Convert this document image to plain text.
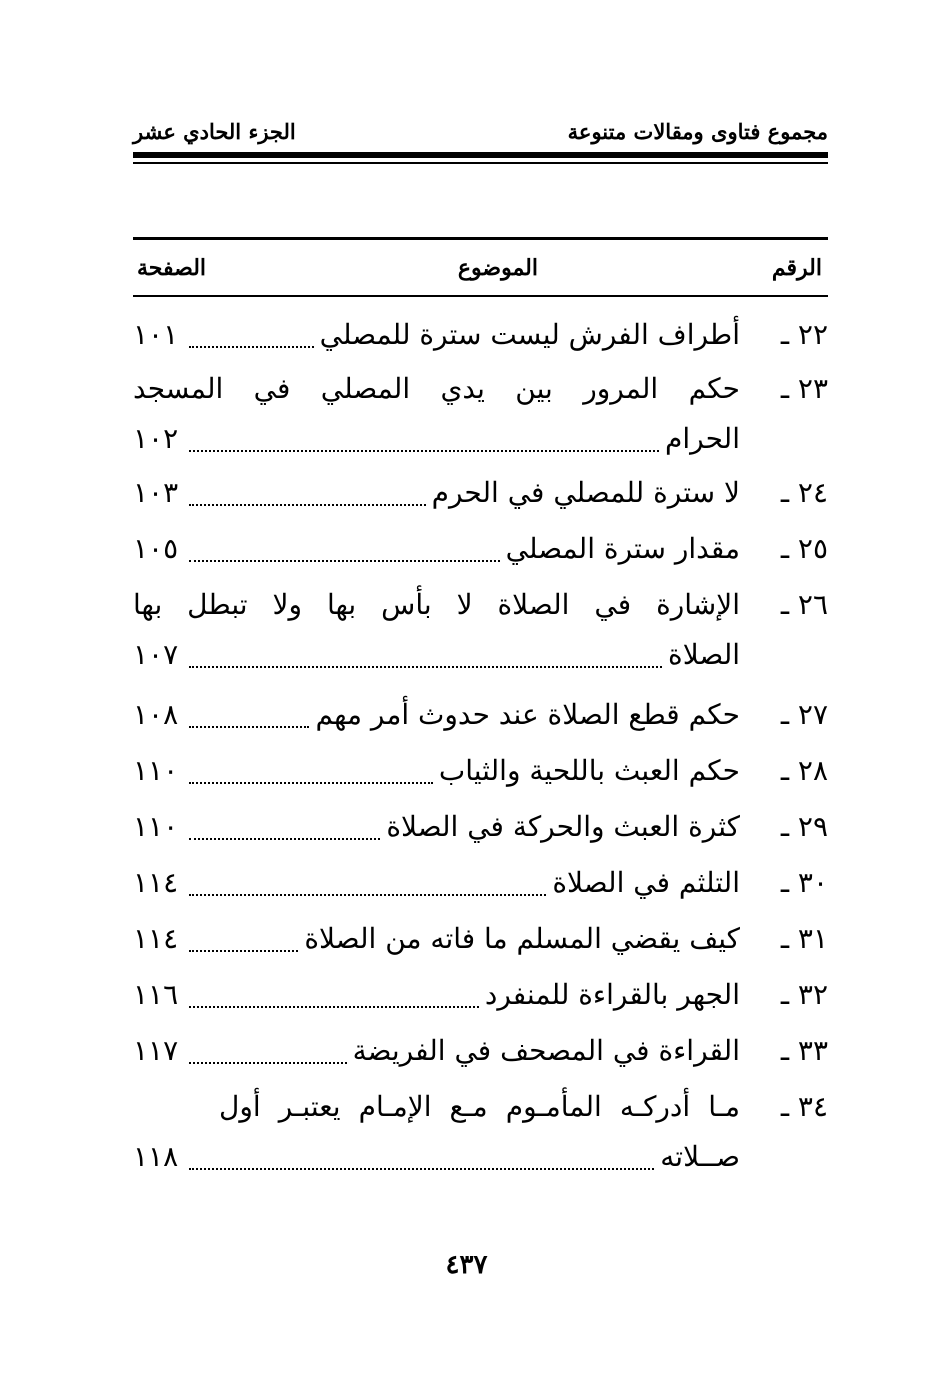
مجموع فتاوى ومقالات متنوعة
الجزء الحادي عشر
الرقم
الموضوع
الصفحة
٢٢ ـ
أطراف الفرش ليست سترة للمصلي
١٠١
٢٣ ـ
حكم المرور بين يدي المصلي في المسجد
الحرام
١٠٢
٢٤ ـ
لا سترة للمصلي في الحرم
١٠٣
٢٥ ـ
مقدار سترة المصلي
١٠٥
٢٦ ـ
الإشارة في الصلاة لا بأس بها ولا تبطل بها
الصلاة
١٠٧
٢٧ ـ
حكم قطع الصلاة عند حدوث أمر مهم
١٠٨
٢٨ ـ
حكم العبث باللحية والثياب
١١٠
٢٩ ـ
كثرة العبث والحركة في الصلاة
١١٠
٣٠ ـ
التلثم في الصلاة
١١٤
٣١ ـ
كيف يقضي المسلم ما فاته من الصلاة
١١٤
٣٢ ـ
الجهر بالقراءة للمنفرد
١١٦
٣٣ ـ
القراءة في المصحف في الفريضة
١١٧
٣٤ ـ
مـا أدركـه المأمـوم مـع الإمـام يعتبـر أول
صــلاته
١١٨
٤٣٧
